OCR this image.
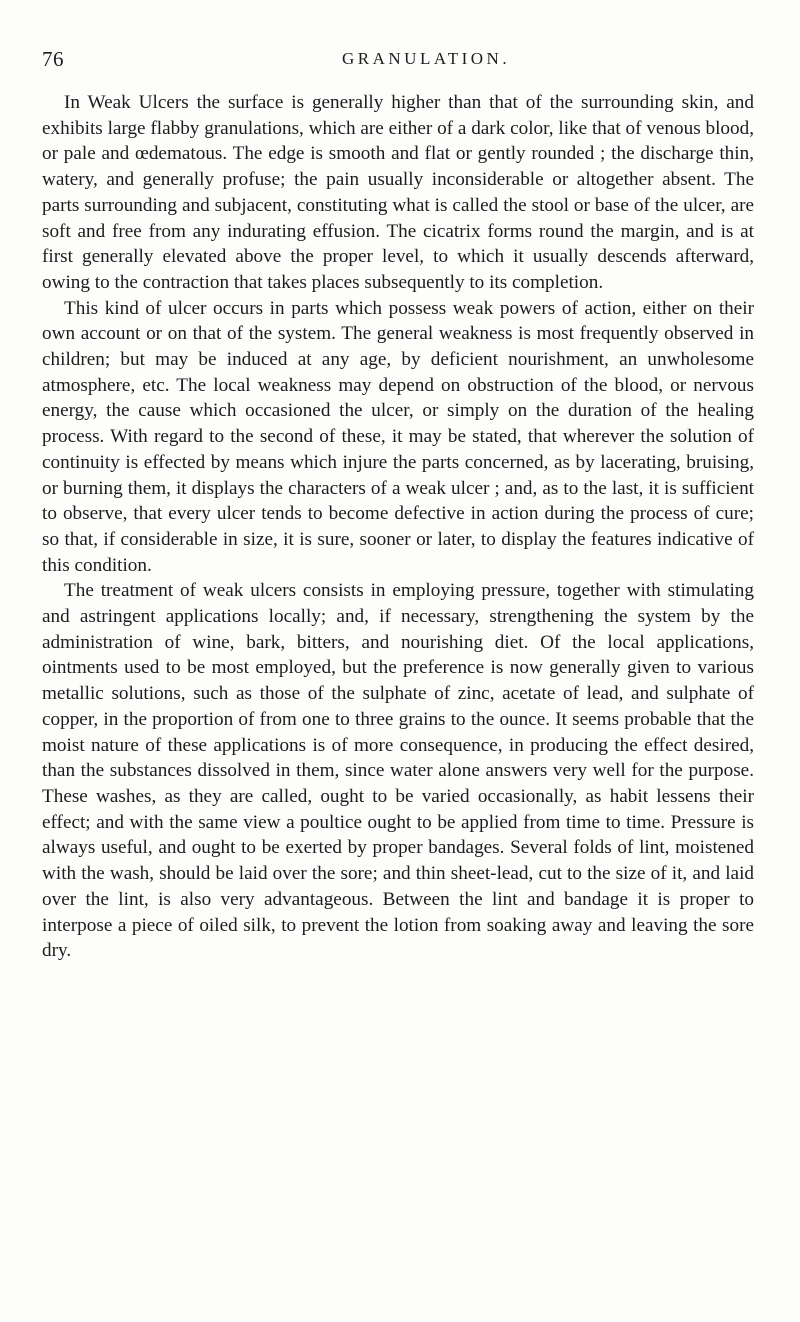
76	GRANULATION.

In Weak Ulcers the surface is generally higher than that of the surrounding skin, and exhibits large flabby granulations, which are either of a dark color, like that of venous blood, or pale and œdematous. The edge is smooth and flat or gently rounded ; the discharge thin, watery, and generally profuse; the pain usually inconsiderable or altogether absent. The parts surrounding and subjacent, constituting what is called the stool or base of the ulcer, are soft and free from any indurating effusion. The cicatrix forms round the margin, and is at first generally elevated above the proper level, to which it usually descends afterward, owing to the contraction that takes places subsequently to its completion.

This kind of ulcer occurs in parts which possess weak powers of action, either on their own account or on that of the system. The general weakness is most frequently observed in children; but may be induced at any age, by deficient nourishment, an unwholesome atmosphere, etc. The local weakness may depend on obstruction of the blood, or nervous energy, the cause which occasioned the ulcer, or simply on the duration of the healing process. With regard to the second of these, it may be stated, that wherever the solution of continuity is effected by means which injure the parts concerned, as by lacerating, bruising, or burning them, it displays the characters of a weak ulcer ; and, as to the last, it is sufficient to observe, that every ulcer tends to become defective in action during the process of cure; so that, if considerable in size, it is sure, sooner or later, to display the features indicative of this condition.

The treatment of weak ulcers consists in employing pressure, together with stimulating and astringent applications locally; and, if necessary, strengthening the system by the administration of wine, bark, bitters, and nourishing diet. Of the local applications, ointments used to be most employed, but the preference is now generally given to various metallic solutions, such as those of the sulphate of zinc, acetate of lead, and sulphate of copper, in the proportion of from one to three grains to the ounce. It seems probable that the moist nature of these applications is of more consequence, in producing the effect desired, than the substances dissolved in them, since water alone answers very well for the purpose. These washes, as they are called, ought to be varied occasionally, as habit lessens their effect; and with the same view a poultice ought to be applied from time to time. Pressure is always useful, and ought to be exerted by proper bandages. Several folds of lint, moistened with the wash, should be laid over the sore; and thin sheet-lead, cut to the size of it, and laid over the lint, is also very advantageous. Between the lint and bandage it is proper to interpose a piece of oiled silk, to prevent the lotion from soaking away and leaving the sore dry.
